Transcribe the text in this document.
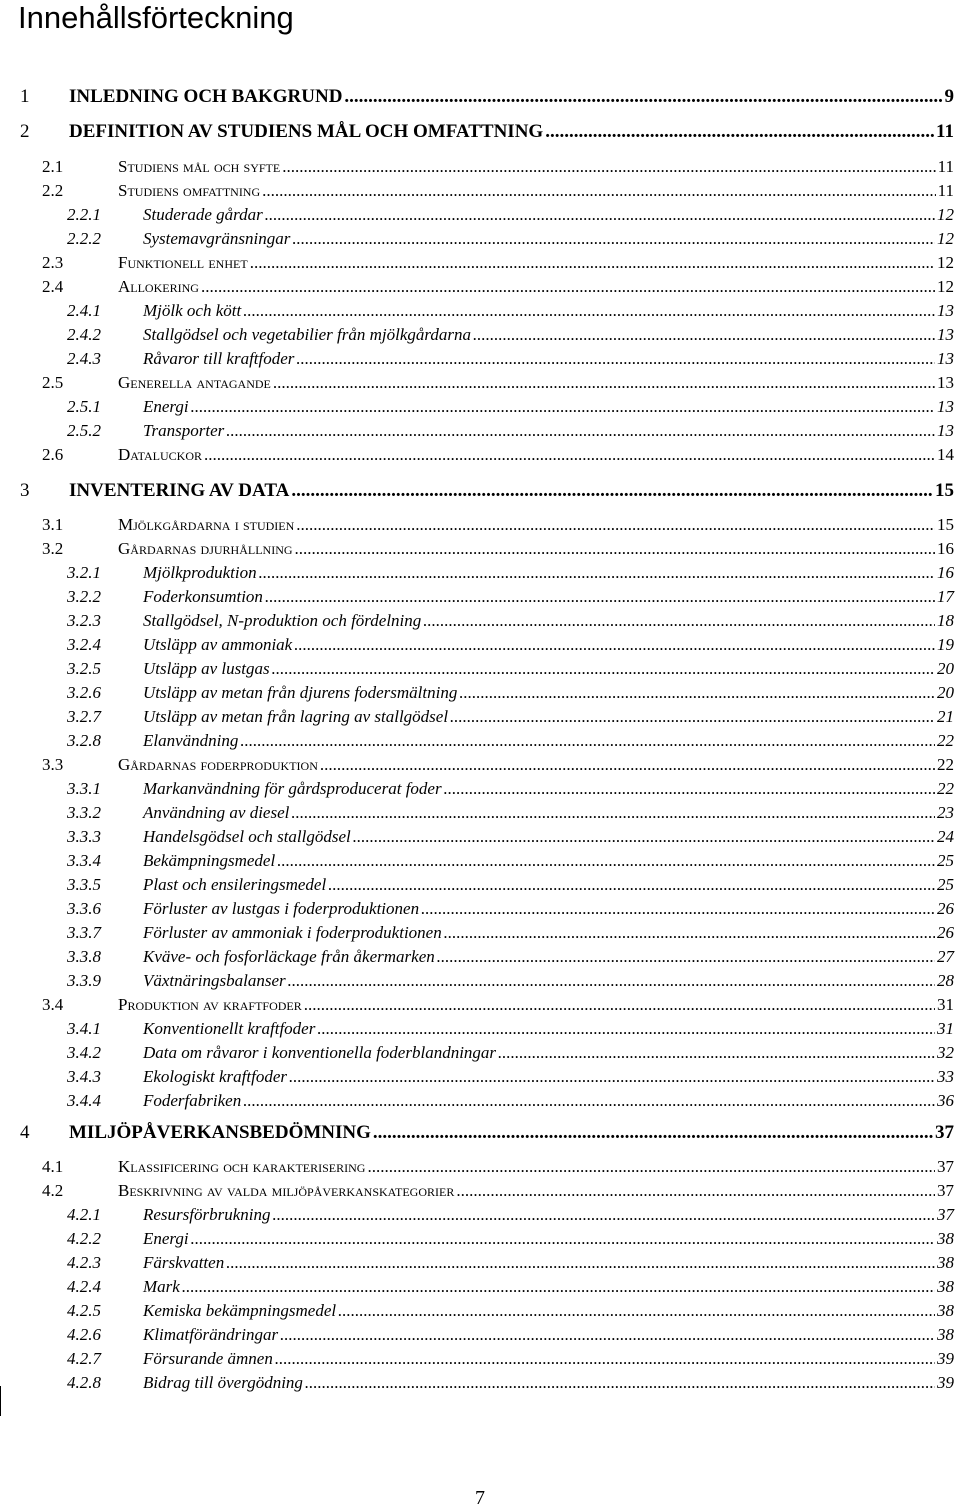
Innehållsförteckning
1 INLEDNING OCH BAKGRUND .....	9
2 DEFINITION AV STUDIENS MÅL OCH OMFATTNING .....	11
2.1	Studiens mål och syfte .....	11
2.2	Studiens omfattning .....	11
2.2.1 Studerade gårdar .....	12
2.2.2 Systemavgränsningar .....	12
2.3	Funktionell enhet .....	12
2.4	Allokering .....	12
2.4.1 Mjölk och kött .....	13
2.4.2 Stallgödsel och vegetabilier från mjölkgårdarna .....	13
2.4.3 Råvaror till kraftfoder .....	13
2.5	Generella antagande .....	13
2.5.1 Energi .....	13
2.5.2 Transporter .....	13
2.6	Dataluckor .....	14
3 INVENTERING AV DATA .....	15
3.1	Mjölkgårdarna i studien .....	15
3.2	Gårdarnas djurhållning .....	16
3.2.1 Mjölkproduktion .....	16
3.2.2 Foderkonsumtion .....	17
3.2.3 Stallgödsel, N-produktion och fördelning .....	18
3.2.4 Utsläpp av ammoniak .....	19
3.2.5 Utsläpp av lustgas .....	20
3.2.6 Utsläpp av metan från djurens fodersmältning .....	20
3.2.7 Utsläpp av metan från lagring av stallgödsel .....	21
3.2.8 Elanvändning .....	22
3.3	Gårdarnas foderproduktion .....	22
3.3.1 Markanvändning för gårdsproducerat foder .....	22
3.3.2 Användning av diesel .....	23
3.3.3 Handelsgödsel och stallgödsel .....	24
3.3.4 Bekämpningsmedel .....	25
3.3.5 Plast och ensileringsmedel .....	25
3.3.6 Förluster av lustgas i foderproduktionen .....	26
3.3.7 Förluster av ammoniak i foderproduktionen .....	26
3.3.8 Kväve- och fosforläckage från åkermarken .....	27
3.3.9 Växtnäringsbalanser .....	28
3.4	Produktion av kraftfoder .....	31
3.4.1 Konventionellt kraftfoder .....	31
3.4.2 Data om råvaror i konventionella foderblandningar .....	32
3.4.3 Ekologiskt kraftfoder .....	33
3.4.4 Foderfabriken .....	36
4 MILJÖPÅVERKANSBEDÖMNING .....	37
4.1	Klassificering och karakterisering .....	37
4.2	Beskrivning av valda miljöpåverkanskategorier .....	37
4.2.1 Resursförbrukning .....	37
4.2.2 Energi .....	38
4.2.3 Färskvatten .....	38
4.2.4 Mark .....	38
4.2.5 Kemiska bekämpningsmedel .....	38
4.2.6 Klimatförändringar .....	38
4.2.7 Försurande ämnen .....	39
4.2.8 Bidrag till övergödning .....	39
7
